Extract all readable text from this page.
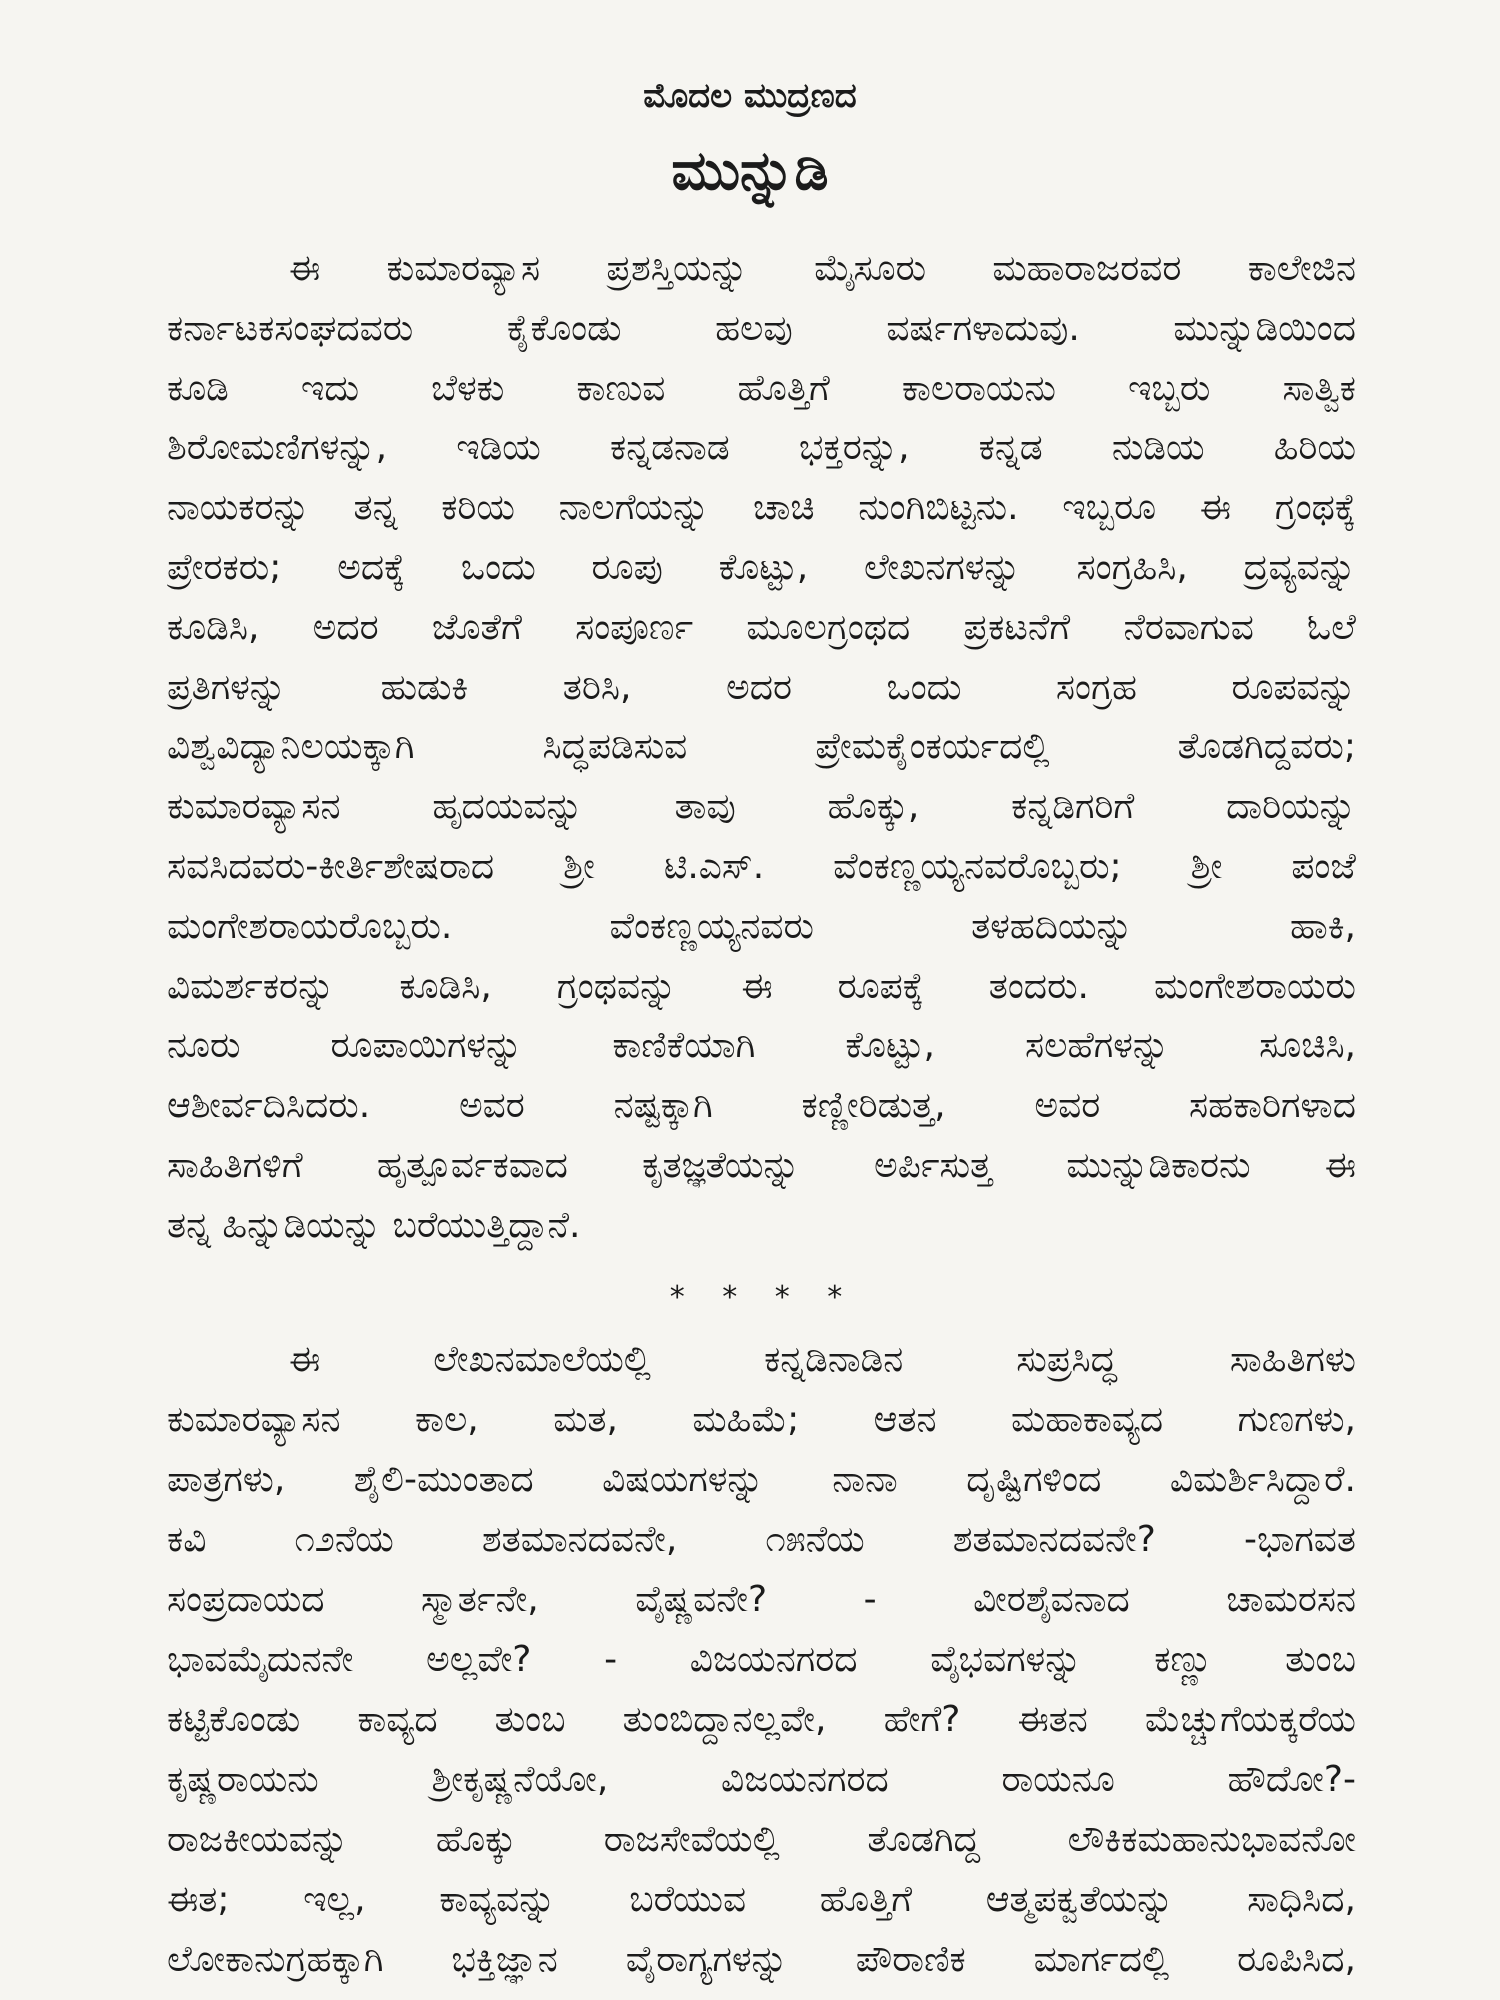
ಮೊದಲ ಮುದ್ರಣದ
ಮುನ್ನುಡಿ
ಈ ಕುಮಾರವ್ಯಾಸ ಪ್ರಶಸ್ತಿಯನ್ನು ಮೈಸೂರು ಮಹಾರಾಜರವರ ಕಾಲೇಜಿನ
ಕರ್ನಾಟಕಸಂಘದವರು ಕೈಕೊಂಡು ಹಲವು ವರ್ಷಗಳಾದುವು. ಮುನ್ನುಡಿಯಿಂದ
ಕೂಡಿ ಇದು ಬೆಳಕು ಕಾಣುವ ಹೊತ್ತಿಗೆ ಕಾಲರಾಯನು ಇಬ್ಬರು ಸಾತ್ವಿಕ
ಶಿರೋಮಣಿಗಳನ್ನು, ಇಡಿಯ ಕನ್ನಡನಾಡ ಭಕ್ತರನ್ನು, ಕನ್ನಡ ನುಡಿಯ ಹಿರಿಯ
ನಾಯಕರನ್ನು ತನ್ನ ಕರಿಯ ನಾಲಗೆಯನ್ನು ಚಾಚಿ ನುಂಗಿಬಿಟ್ಟನು. ಇಬ್ಬರೂ ಈ ಗ್ರಂಥಕ್ಕೆ
ಪ್ರೇರಕರು; ಅದಕ್ಕೆ ಒಂದು ರೂಪು ಕೊಟ್ಟು, ಲೇಖನಗಳನ್ನು ಸಂಗ್ರಹಿಸಿ, ದ್ರವ್ಯವನ್ನು
ಕೂಡಿಸಿ, ಅದರ ಜೊತೆಗೆ ಸಂಪೂರ್ಣ ಮೂಲಗ್ರಂಥದ ಪ್ರಕಟನೆಗೆ ನೆರವಾಗುವ ಓಲೆ
ಪ್ರತಿಗಳನ್ನು ಹುಡುಕಿ ತರಿಸಿ, ಅದರ ಒಂದು ಸಂಗ್ರಹ ರೂಪವನ್ನು
ವಿಶ್ವವಿದ್ಯಾನಿಲಯಕ್ಕಾಗಿ ಸಿದ್ಧಪಡಿಸುವ ಪ್ರೇಮಕೈಂಕರ್ಯದಲ್ಲಿ ತೊಡಗಿದ್ದವರು;
ಕುಮಾರವ್ಯಾಸನ ಹೃದಯವನ್ನು ತಾವು ಹೊಕ್ಕು, ಕನ್ನಡಿಗರಿಗೆ ದಾರಿಯನ್ನು
ಸವಸಿದವರು-ಕೀರ್ತಿಶೇಷರಾದ ಶ್ರೀ ಟಿ.ಎಸ್. ವೆಂಕಣ್ಣಯ್ಯನವರೊಬ್ಬರು; ಶ್ರೀ ಪಂಜೆ
ಮಂಗೇಶರಾಯರೊಬ್ಬರು. ವೆಂಕಣ್ಣಯ್ಯನವರು ತಳಹದಿಯನ್ನು ಹಾಕಿ,
ವಿಮರ್ಶಕರನ್ನು ಕೂಡಿಸಿ, ಗ್ರಂಥವನ್ನು ಈ ರೂಪಕ್ಕೆ ತಂದರು. ಮಂಗೇಶರಾಯರು
ನೂರು ರೂಪಾಯಿಗಳನ್ನು ಕಾಣಿಕೆಯಾಗಿ ಕೊಟ್ಟು, ಸಲಹೆಗಳನ್ನು ಸೂಚಿಸಿ,
ಆಶೀರ್ವದಿಸಿದರು. ಅವರ ನಷ್ಟಕ್ಕಾಗಿ ಕಣ್ಣೀರಿಡುತ್ತ, ಅವರ ಸಹಕಾರಿಗಳಾದ
ಸಾಹಿತಿಗಳಿಗೆ ಹೃತ್ಪೂರ್ವಕವಾದ ಕೃತಜ್ಞತೆಯನ್ನು ಅರ್ಪಿಸುತ್ತ ಮುನ್ನುಡಿಕಾರನು ಈ
ತನ್ನ ಹಿನ್ನುಡಿಯನ್ನು ಬರೆಯುತ್ತಿದ್ದಾನೆ.
* * * *
ಈ ಲೇಖನಮಾಲೆಯಲ್ಲಿ ಕನ್ನಡಿನಾಡಿನ ಸುಪ್ರಸಿದ್ಧ ಸಾಹಿತಿಗಳು
ಕುಮಾರವ್ಯಾಸನ ಕಾಲ, ಮತ, ಮಹಿಮೆ; ಆತನ ಮಹಾಕಾವ್ಯದ ಗುಣಗಳು,
ಪಾತ್ರಗಳು, ಶೈಲಿ-ಮುಂತಾದ ವಿಷಯಗಳನ್ನು ನಾನಾ ದೃಷ್ಟಿಗಳಿಂದ ವಿಮರ್ಶಿಸಿದ್ದಾರೆ.
ಕವಿ ೧೨ನೆಯ ಶತಮಾನದವನೇ, ೧೫ನೆಯ ಶತಮಾನದವನೇ? -ಭಾಗವತ
ಸಂಪ್ರದಾಯದ ಸ್ಮಾರ್ತನೇ, ವೈಷ್ಣವನೇ? - ವೀರಶೈವನಾದ ಚಾಮರಸನ
ಭಾವಮೈದುನನೇ ಅಲ್ಲವೇ? - ವಿಜಯನಗರದ ವೈಭವಗಳನ್ನು ಕಣ್ಣು ತುಂಬ
ಕಟ್ಟಿಕೊಂಡು ಕಾವ್ಯದ ತುಂಬ ತುಂಬಿದ್ದಾನಲ್ಲವೇ, ಹೇಗೆ? ಈತನ ಮೆಚ್ಚುಗೆಯಕ್ಕರೆಯ
ಕೃಷ್ಣರಾಯನು ಶ್ರೀಕೃಷ್ಣನೆಯೋ, ವಿಜಯನಗರದ ರಾಯನೂ ಹೌದೋ?-
ರಾಜಕೀಯವನ್ನು ಹೊಕ್ಕು ರಾಜಸೇವೆಯಲ್ಲಿ ತೊಡಗಿದ್ದ ಲೌಕಿಕಮಹಾನುಭಾವನೋ
ಈತ; ಇಲ್ಲ, ಕಾವ್ಯವನ್ನು ಬರೆಯುವ ಹೊತ್ತಿಗೆ ಆತ್ಮಪಕ್ವತೆಯನ್ನು ಸಾಧಿಸಿದ,
ಲೋಕಾನುಗ್ರಹಕ್ಕಾಗಿ ಭಕ್ತಿಜ್ಞಾನ ವೈರಾಗ್ಯಗಳನ್ನು ಪೌರಾಣಿಕ ಮಾರ್ಗದಲ್ಲಿ ರೂಪಿಸಿದ,
